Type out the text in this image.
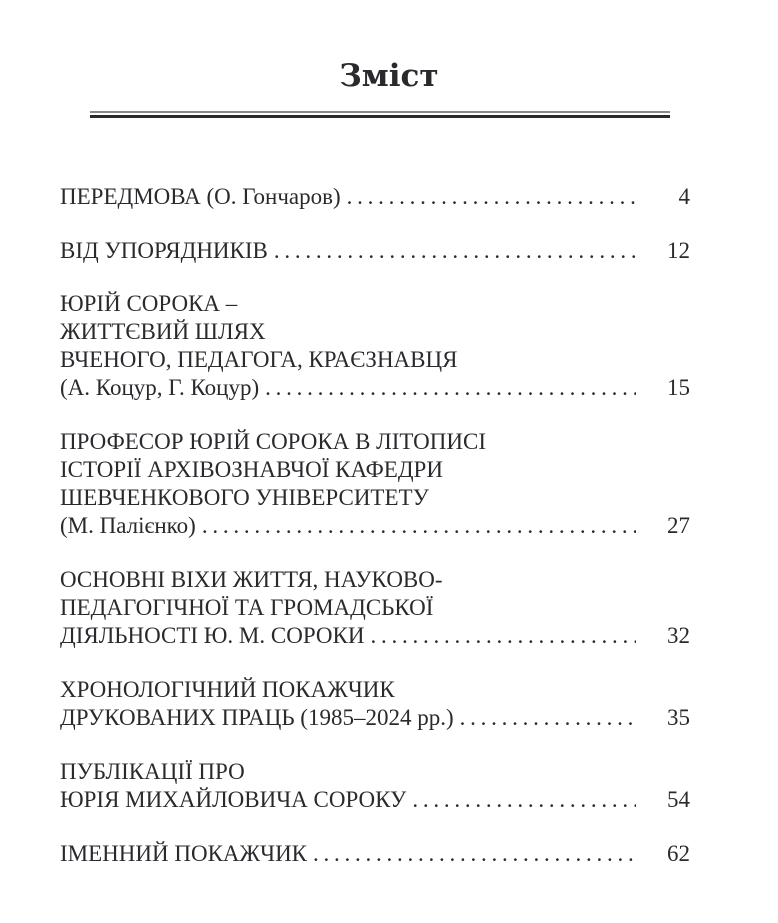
Зміст
ПЕРЕДМОВА (О. Гончаров) . . .	4
ВІД УПОРЯДНИКІВ . . .	12
ЮРІЙ СОРОКА –
ЖИТТЄВИЙ ШЛЯХ
ВЧЕНОГО, ПЕДАГОГА, КРАЄЗНАВЦЯ
(А. Коцур, Г. Коцур) . . .	15
ПРОФЕСОР ЮРІЙ СОРОКА В ЛІТОПИСІ
ІСТОРІЇ АРХІВОЗНАВЧОЇ КАФЕДРИ
ШЕВЧЕНКОВОГО УНІВЕРСИТЕТУ
(М. Палієнко) . . .	27
ОСНОВНІ ВІХИ ЖИТТЯ, НАУКОВО-
ПЕДАГОГІЧНОЇ ТА ГРОМАДСЬКОЇ
ДІЯЛЬНОСТІ Ю. М. СОРОКИ . . .	32
ХРОНОЛОГІЧНИЙ ПОКАЖЧИК
ДРУКОВАНИХ ПРАЦЬ (1985–2024 рр.) . . .	35
ПУБЛІКАЦІЇ ПРО
ЮРІЯ МИХАЙЛОВИЧА СОРОКУ . . .	54
ІМЕННИЙ ПОКАЖЧИК . . .	62
